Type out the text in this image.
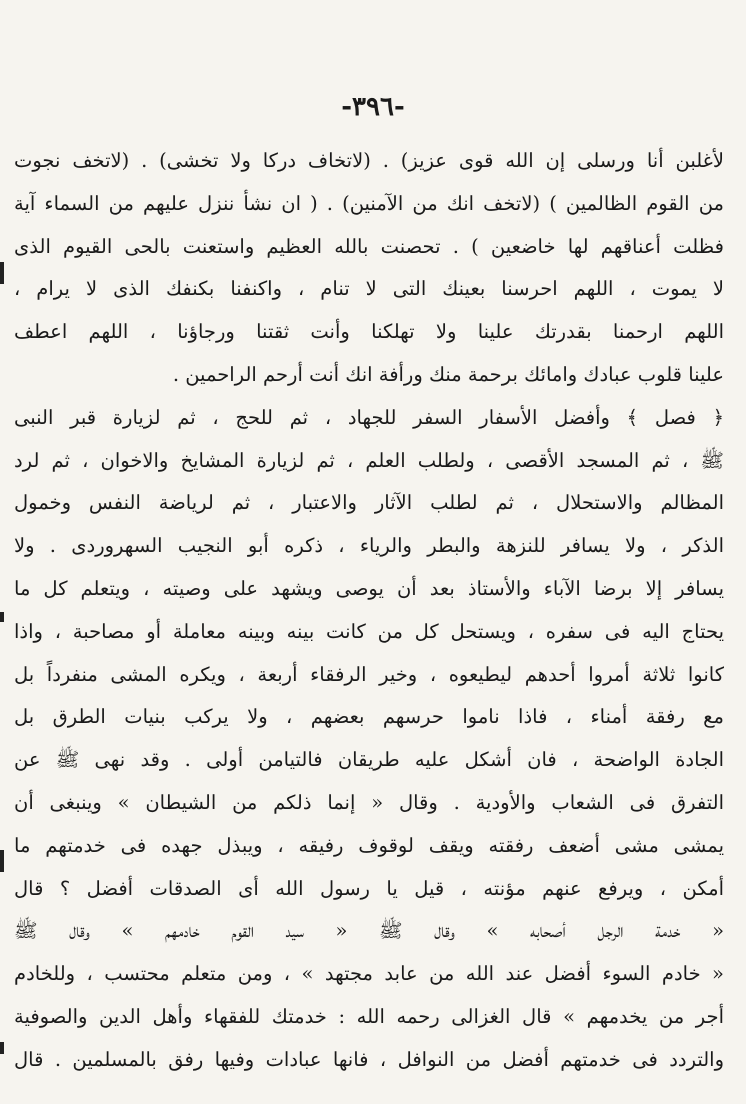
-٣٩٦-
لأغلبن أنا ورسلى إن الله قوى عزيز) . (لاتخاف دركا ولا تخشى) . (لاتخف نجوت
من القوم الظالمين ) (لاتخف انك من الآمنين) . ( ان نشأ ننزل عليهم من السماء آية
فظلت أعناقهم لها خاضعين ) . تحصنت بالله العظيم واستعنت بالحى القيوم الذى
لا يموت ، اللهم احرسنا بعينك التى لا تنام ، واكنفنا بكنفك الذى لا يرام ،
اللهم ارحمنا بقدرتك علينا ولا تهلكنا وأنت ثقتنا ورجاؤنا ، اللهم اعطف
علينا قلوب عبادك وامائك برحمة منك ورأفة انك أنت أرحم الراحمين .
﴿ فصل ﴾ وأفضل الأسفار السفر للجهاد ، ثم للحج ، ثم لزيارة قبر النبى
ﷺ ، ثم المسجد الأقصى ، ولطلب العلم ، ثم لزيارة المشايخ والاخوان ، ثم لرد
المظالم والاستحلال ، ثم لطلب الآثار والاعتبار ، ثم لرياضة النفس وخمول
الذكر ، ولا يسافر للنزهة والبطر والرياء ، ذكره أبو النجيب السهروردى . ولا
يسافر إلا برضا الآباء والأستاذ بعد أن يوصى ويشهد على وصيته ، ويتعلم كل ما
يحتاج اليه فى سفره ، ويستحل كل من كانت بينه وبينه معاملة أو مصاحبة ، واذا
كانوا ثلاثة أمروا أحدهم ليطيعوه ، وخير الرفقاء أربعة ، ويكره المشى منفرداً بل
مع رفقة أمناء ، فاذا ناموا حرسهم بعضهم ، ولا يركب بنيات الطرق بل
الجادة الواضحة ، فان أشكل عليه طريقان فالتيامن أولى . وقد نهى ﷺ عن
التفرق فى الشعاب والأودية . وقال « إنما ذلكم من الشيطان » وينبغى أن
يمشى مشى أضعف رفقته ويقف لوقوف رفيقه ، ويبذل جهده فى خدمتهم ما
أمكن ، ويرفع عنهم مؤنته ، قيل يا رسول الله أى الصدقات أفضل ؟ قال
« خدمة الرجل أصحابه » وقال ﷺ « سيد القوم خادمهم » وقال ﷺ
« خادم السوء أفضل عند الله من عابد مجتهد » ، ومن متعلم محتسب ، وللخادم
أجر من يخدمهم » قال الغزالى رحمه الله : خدمتك للفقهاء وأهل الدين والصوفية
والتردد فى خدمتهم أفضل من النوافل ، فانها عبادات وفيها رفق بالمسلمين . قال
